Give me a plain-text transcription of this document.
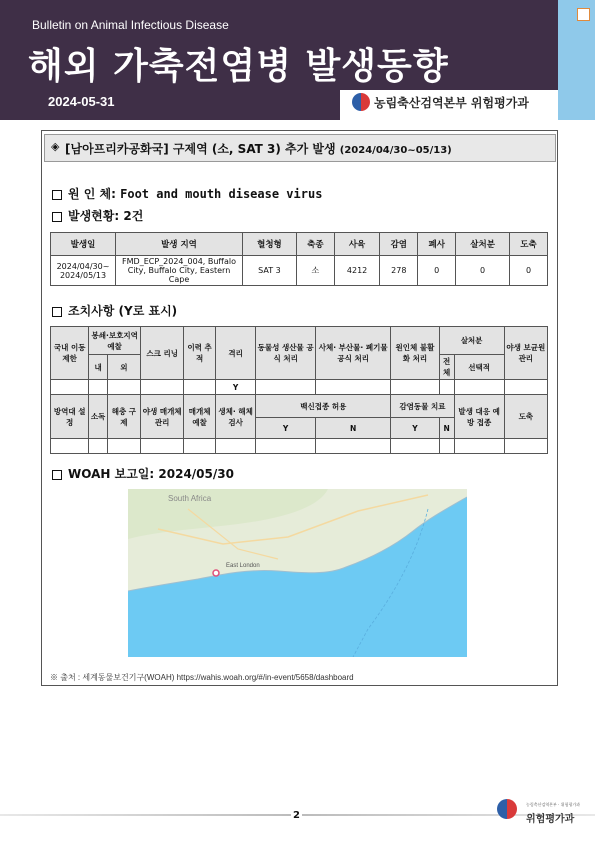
Bulletin on Animal Infectious Disease
해외 가축전염병 발생동향
2024-05-31	농림축산검역본부 위험평가과
◈ [남아프리카공화국] 구제역 (소, SAT 3) 추가 발생 (2024/04/30~05/13)
원 인 체: Foot and mouth disease virus
발생현황: 2건
발생일	발생 지역	혈청형	축종	사육	감염	폐사	살처분	도축
2024/04/30~ 2024/05/13	FMD_ECP_2024_004, Buffalo City, Buffalo City, Eastern Cape	SAT 3	소	4212	278	0	0	0
조치사항 (Y로 표시)
국내 이동 제한	봉쇄·보호지역 예찰		스크 리닝	이력 추적	격리	동물성 생산물 공식 처리	사체· 부산물· 폐기물 공식 처리	원인체 불활화 처리	살처분		야생 보균원 관리
	내	외							전체	선택적	
					Y						
방역대 설정	소독	해충 구제	야생 매개체 관리	매개체 예찰	생체· 해체 검사	백신접종 허용		감염동물 치료		발생 대응 예방 접종	도축
						Y	N	Y	N		

WOAH 보고일: 2024/05/30
South Africa
East London
※ 출처 : 세계동물보건기구(WOAH) https://wahis.woah.org/#/in-event/5658/dashboard
2
농림축산검역본부 · 위험평가과
위험평가과
